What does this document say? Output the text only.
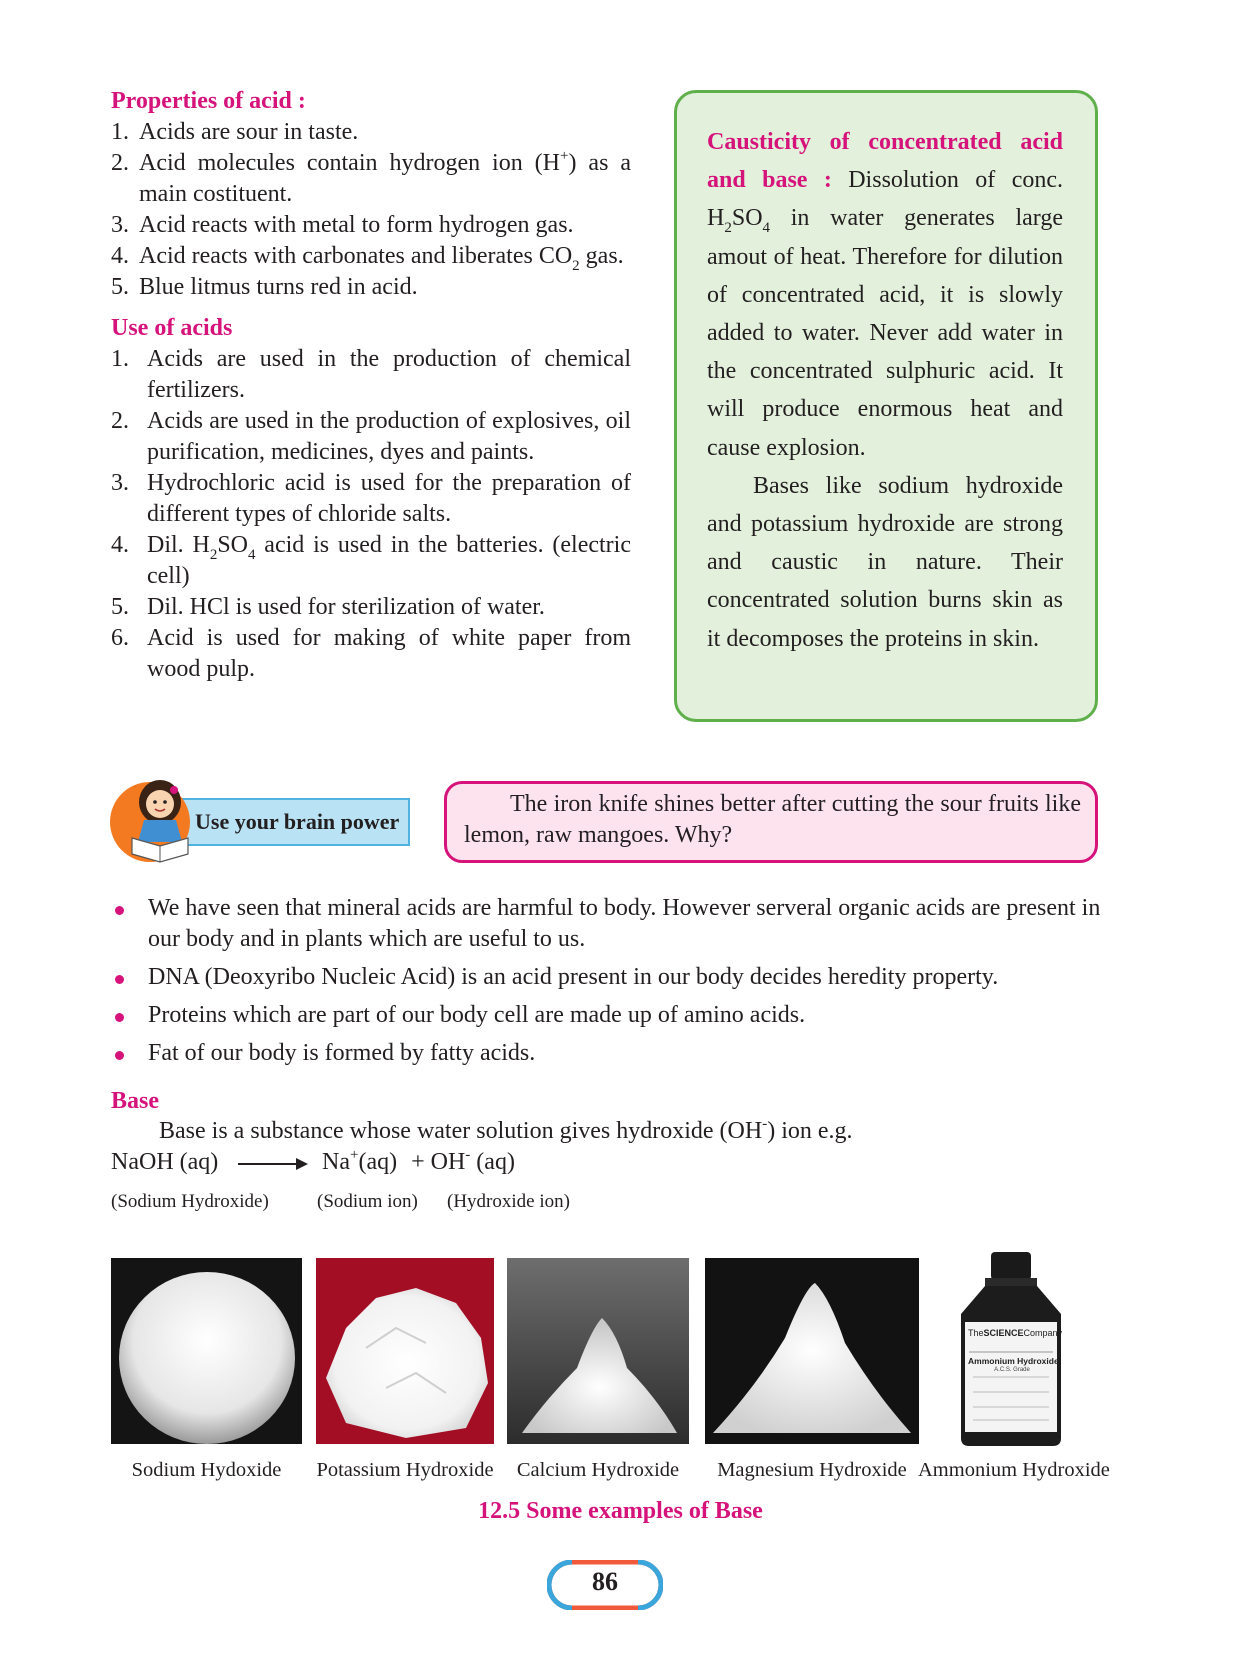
Properties of acid :
1. Acids are sour in taste.
2. Acid molecules contain hydrogen ion (H+) as a main costituent.
3. Acid reacts with metal to form hydrogen gas.
4. Acid reacts with carbonates and liberates $CO_2$ gas.
5. Blue litmus turns red in acid.
Use of acids
1. Acids are used in the production of chemical fertilizers.
2. Acids are used in the production of explosives, oil purification, medicines, dyes and paints.
3. Hydrochloric acid is used for the preparation of different types of chloride salts.
4. Dil. $H_2SO_4$ acid is used in the batteries. (electric cell)
5. Dil. HCl is used for sterilization of water.
6. Acid is used for making of white paper from wood pulp.

Causticity of concentrated acid and base : Dissolution of conc. $H_2SO_4$ in water generates large amout of heat. Therefore for dilution of concentrated acid, it is slowly added to water. Never add water in the concentrated sulphuric acid. It will produce enormous heat and cause explosion.

Bases like sodium hydroxide and potassium hydroxide are strong and caustic in nature. Their concentrated solution burns skin as it decomposes the proteins in skin.

Use your brain power
The iron knife shines better after cutting the sour fruits like lemon, raw mangoes. Why?
We have seen that mineral acids are harmful to body. However serveral organic acids are present in our body and in plants which are useful to us.
DNA (Deoxyribo Nucleic Acid) is an acid present in our body decides heredity property.
Proteins which are part of our body cell are made up of amino acids.
Fat of our body is formed by fatty acids.
Base
Base is a substance whose water solution gives hydroxide (OH-) ion e.g.
NaOH (aq) → Na+(aq) + OH- (aq)
(Sodium Hydroxide)	(Sodium ion) (Hydroxide ion)
TheSCIENCECompany
Ammonium Hydroxide
A.C.S. Grade
Sodium Hydoxide	Potassium Hydroxide	Calcium Hydroxide	Magnesium Hydroxide Ammonium Hydroxide
12.5 Some examples of Base
86
